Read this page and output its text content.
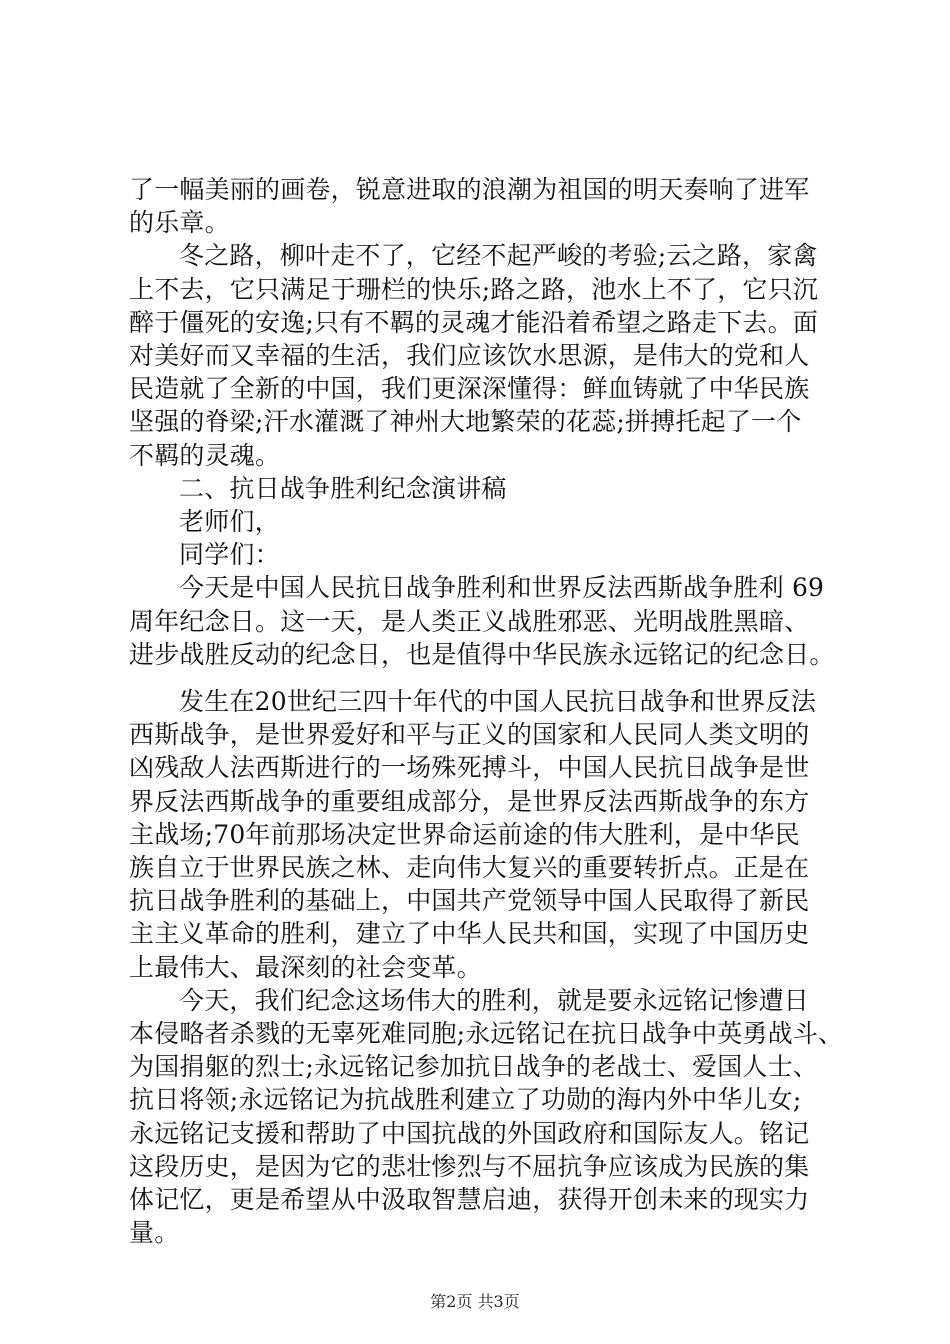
了一幅美丽的画卷，锐意进取的浪潮为祖国的明天奏响了进军
的乐章。
冬之路，柳叶走不了，它经不起严峻的考验;云之路，家禽
上不去，它只满足于珊栏的快乐;路之路，池水上不了，它只沉
醉于僵死的安逸;只有不羁的灵魂才能沿着希望之路走下去。面
对美好而又幸福的生活，我们应该饮水思源，是伟大的党和人
民造就了全新的中国，我们更深深懂得：鲜血铸就了中华民族
坚强的脊梁;汗水灌溉了神州大地繁荣的花蕊;拼搏托起了一个
不羁的灵魂。
二、抗日战争胜利纪念演讲稿
老师们，
同学们：
今天是中国人民抗日战争胜利和世界反法西斯战争胜利 69
周年纪念日。这一天，是人类正义战胜邪恶、光明战胜黑暗、
进步战胜反动的纪念日，也是值得中华民族永远铭记的纪念日。
发生在20世纪三四十年代的中国人民抗日战争和世界反法
西斯战争，是世界爱好和平与正义的国家和人民同人类文明的
凶残敌人法西斯进行的一场殊死搏斗，中国人民抗日战争是世
界反法西斯战争的重要组成部分，是世界反法西斯战争的东方
主战场;70年前那场决定世界命运前途的伟大胜利，是中华民
族自立于世界民族之林、走向伟大复兴的重要转折点。正是在
抗日战争胜利的基础上，中国共产党领导中国人民取得了新民
主主义革命的胜利，建立了中华人民共和国，实现了中国历史
上最伟大、最深刻的社会变革。
今天，我们纪念这场伟大的胜利，就是要永远铭记惨遭日
本侵略者杀戮的无辜死难同胞;永远铭记在抗日战争中英勇战斗、
为国捐躯的烈士;永远铭记参加抗日战争的老战士、爱国人士、
抗日将领;永远铭记为抗战胜利建立了功勋的海内外中华儿女;
永远铭记支援和帮助了中国抗战的外国政府和国际友人。铭记
这段历史，是因为它的悲壮惨烈与不屈抗争应该成为民族的集
体记忆，更是希望从中汲取智慧启迪，获得开创未来的现实力
量。
第2页 共3页
